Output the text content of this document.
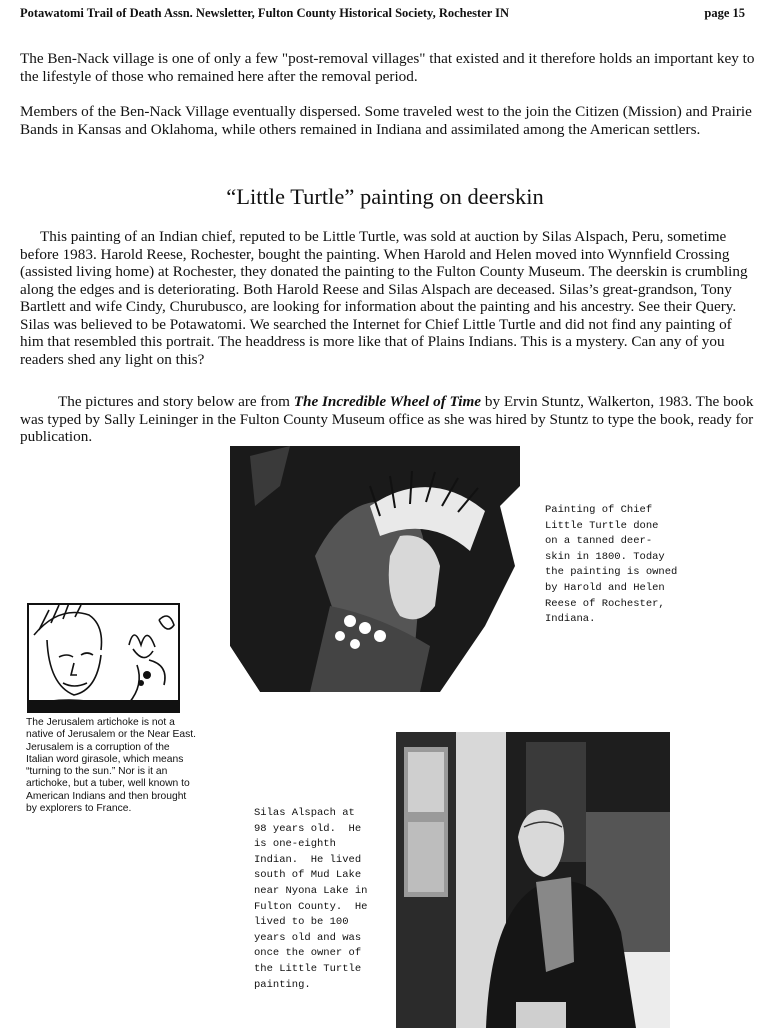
Potawatomi Trail of Death Assn. Newsletter, Fulton County Historical Society, Rochester IN	page 15

The Ben-Nack village is one of only a few "post-removal villages" that existed and it therefore holds an important key to the lifestyle of those who remained here after the removal period.

Members of the Ben-Nack Village eventually dispersed. Some traveled west to the join the Citizen (Mission) and Prairie Bands in Kansas and Oklahoma, while others remained in Indiana and assimilated among the American settlers.

“Little Turtle” painting on deerskin

This painting of an Indian chief, reputed to be Little Turtle, was sold at auction by Silas Alspach, Peru, sometime before 1983. Harold Reese, Rochester, bought the painting. When Harold and Helen moved into Wynnfield Crossing (assisted living home) at Rochester, they donated the painting to the Fulton County Museum. The deerskin is crumbling along the edges and is deteriorating. Both Harold Reese and Silas Alspach are deceased. Silas’s great-grandson, Tony Bartlett and wife Cindy, Churubusco, are looking for information about the painting and his ancestry. See their Query. Silas was believed to be Potawatomi. We searched the Internet for Chief Little Turtle and did not find any painting of him that resembled this portrait. The headdress is more like that of Plains Indians. This is a mystery. Can any of you readers shed any light on this?

The pictures and story below are from The Incredible Wheel of Time by Ervin Stuntz, Walkerton, 1983. The book was typed by Sally Leininger in the Fulton County Museum office as she was hired by Stuntz to type the book, ready for publication.

Painting of Chief
Little Turtle done
on a tanned deer-
skin in 1800. Today
the painting is owned
by Harold and Helen
Reese of Rochester,
Indiana.
The Jerusalem artichoke is not a native of Jerusalem or the Near East. Jerusalem is a corruption of the Italian word girasole, which means “turning to the sun.” Nor is it an artichoke, but a tuber, well known to American Indians and then brought by explorers to France.	Silas Alspach at
98 years old.  He
is one-eighth
Indian.  He lived
south of Mud Lake
near Nyona Lake in
Fulton County.  He
lived to be 100
years old and was
once the owner of
the Little Turtle
painting.
